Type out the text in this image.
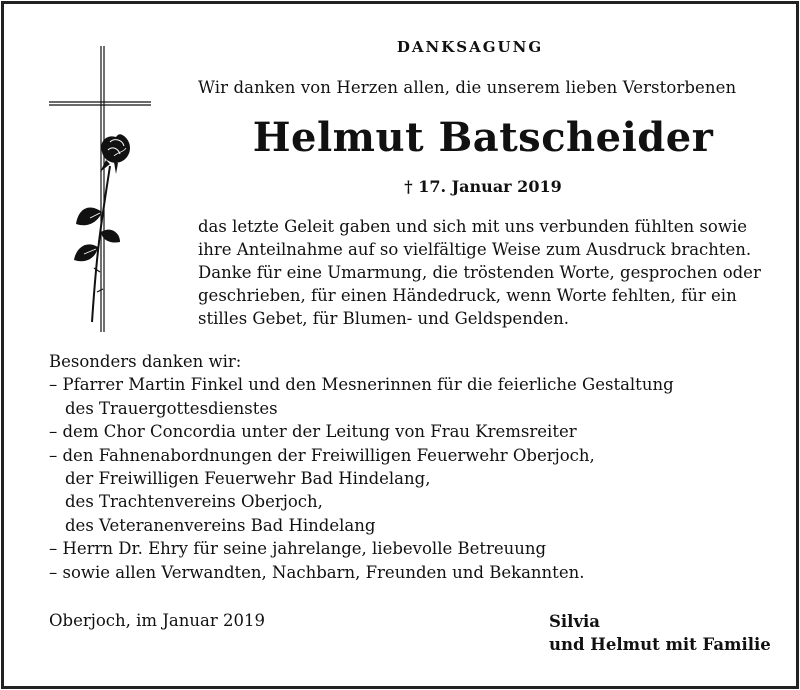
DANKSAGUNG
Wir danken von Herzen allen, die unserem lieben Verstorbenen
Helmut Batscheider
† 17. Januar 2019
das letzte Geleit gaben und sich mit uns verbunden fühlten sowie
ihre Anteilnahme auf so vielfältige Weise zum Ausdruck brachten.
Danke für eine Umarmung, die tröstenden Worte, gesprochen oder
geschrieben, für einen Händedruck, wenn Worte fehlten, für ein
stilles Gebet, für Blumen- und Geldspenden.
Besonders danken wir:
– Pfarrer Martin Finkel und den Mesnerinnen für die feierliche Gestaltung
des Trauergottesdienstes
– dem Chor Concordia unter der Leitung von Frau Kremsreiter
– den Fahnenabordnungen der Freiwilligen Feuerwehr Oberjoch,
der Freiwilligen Feuerwehr Bad Hindelang,
des Trachtenvereins Oberjoch,
des Veteranenvereins Bad Hindelang
– Herrn Dr. Ehry für seine jahrelange, liebevolle Betreuung
– sowie allen Verwandten, Nachbarn, Freunden und Bekannten.
Oberjoch, im Januar 2019	Silvia
und Helmut mit Familie
